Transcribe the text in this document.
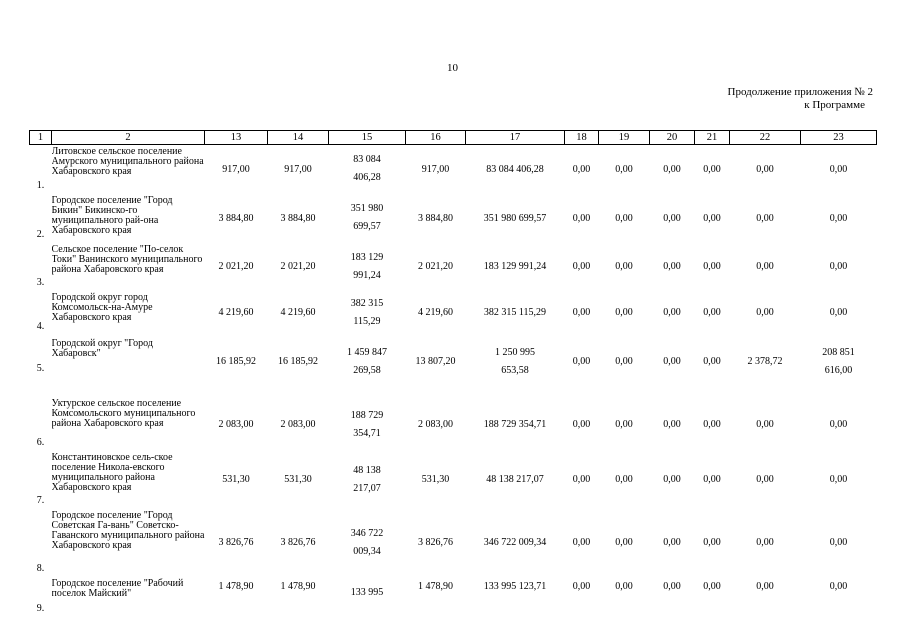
10
Продолжение приложения № 2
к Программе
1	2	13	14	15	16	17	18	19	20	21	22	23
1.	Литовское сельское поселение Амурского муниципального района Хабаровского края	917,00	917,00	83 084
406,28	917,00	83 084 406,28	0,00	0,00	0,00	0,00	0,00	0,00
2.	Городское поселение "Город Бикин" Бикинско-го муниципального рай-она Хабаровского края	3 884,80	3 884,80	351 980
699,57	3 884,80	351 980 699,57	0,00	0,00	0,00	0,00	0,00	0,00
3.	Сельское поселение "По-селок Токи" Ванинского муниципального района Хабаровского края	2 021,20	2 021,20	183 129
991,24	2 021,20	183 129 991,24	0,00	0,00	0,00	0,00	0,00	0,00
4.	Городской округ город Комсомольск-на-Амуре Хабаровского края	4 219,60	4 219,60	382 315
115,29	4 219,60	382 315 115,29	0,00	0,00	0,00	0,00	0,00	0,00
5.	Городской округ "Город Хабаровск"	16 185,92	16 185,92	1 459 847
269,58	13 807,20	1 250 995
653,58	0,00	0,00	0,00	0,00	2 378,72	208 851
616,00

6.	Уктурское сельское поселение Комсомольского муниципального района Хабаровского края	2 083,00	2 083,00	188 729
354,71	2 083,00	188 729 354,71	0,00	0,00	0,00	0,00	0,00	0,00
7.	Константиновское сель-ское поселение Никола-евского муниципального района Хабаровского края	531,30	531,30	48 138
217,07	531,30	48 138 217,07	0,00	0,00	0,00	0,00	0,00	0,00
8.	Городское поселение "Город Советская Га-вань" Советско-Гаванского муниципального района Хабаровского края	3 826,76	3 826,76	346 722
009,34	3 826,76	346 722 009,34	0,00	0,00	0,00	0,00	0,00	0,00
9.	Городское поселение "Рабочий поселок Майский"	1 478,90	1 478,90	133 995	1 478,90	133 995 123,71	0,00	0,00	0,00	0,00	0,00	0,00
